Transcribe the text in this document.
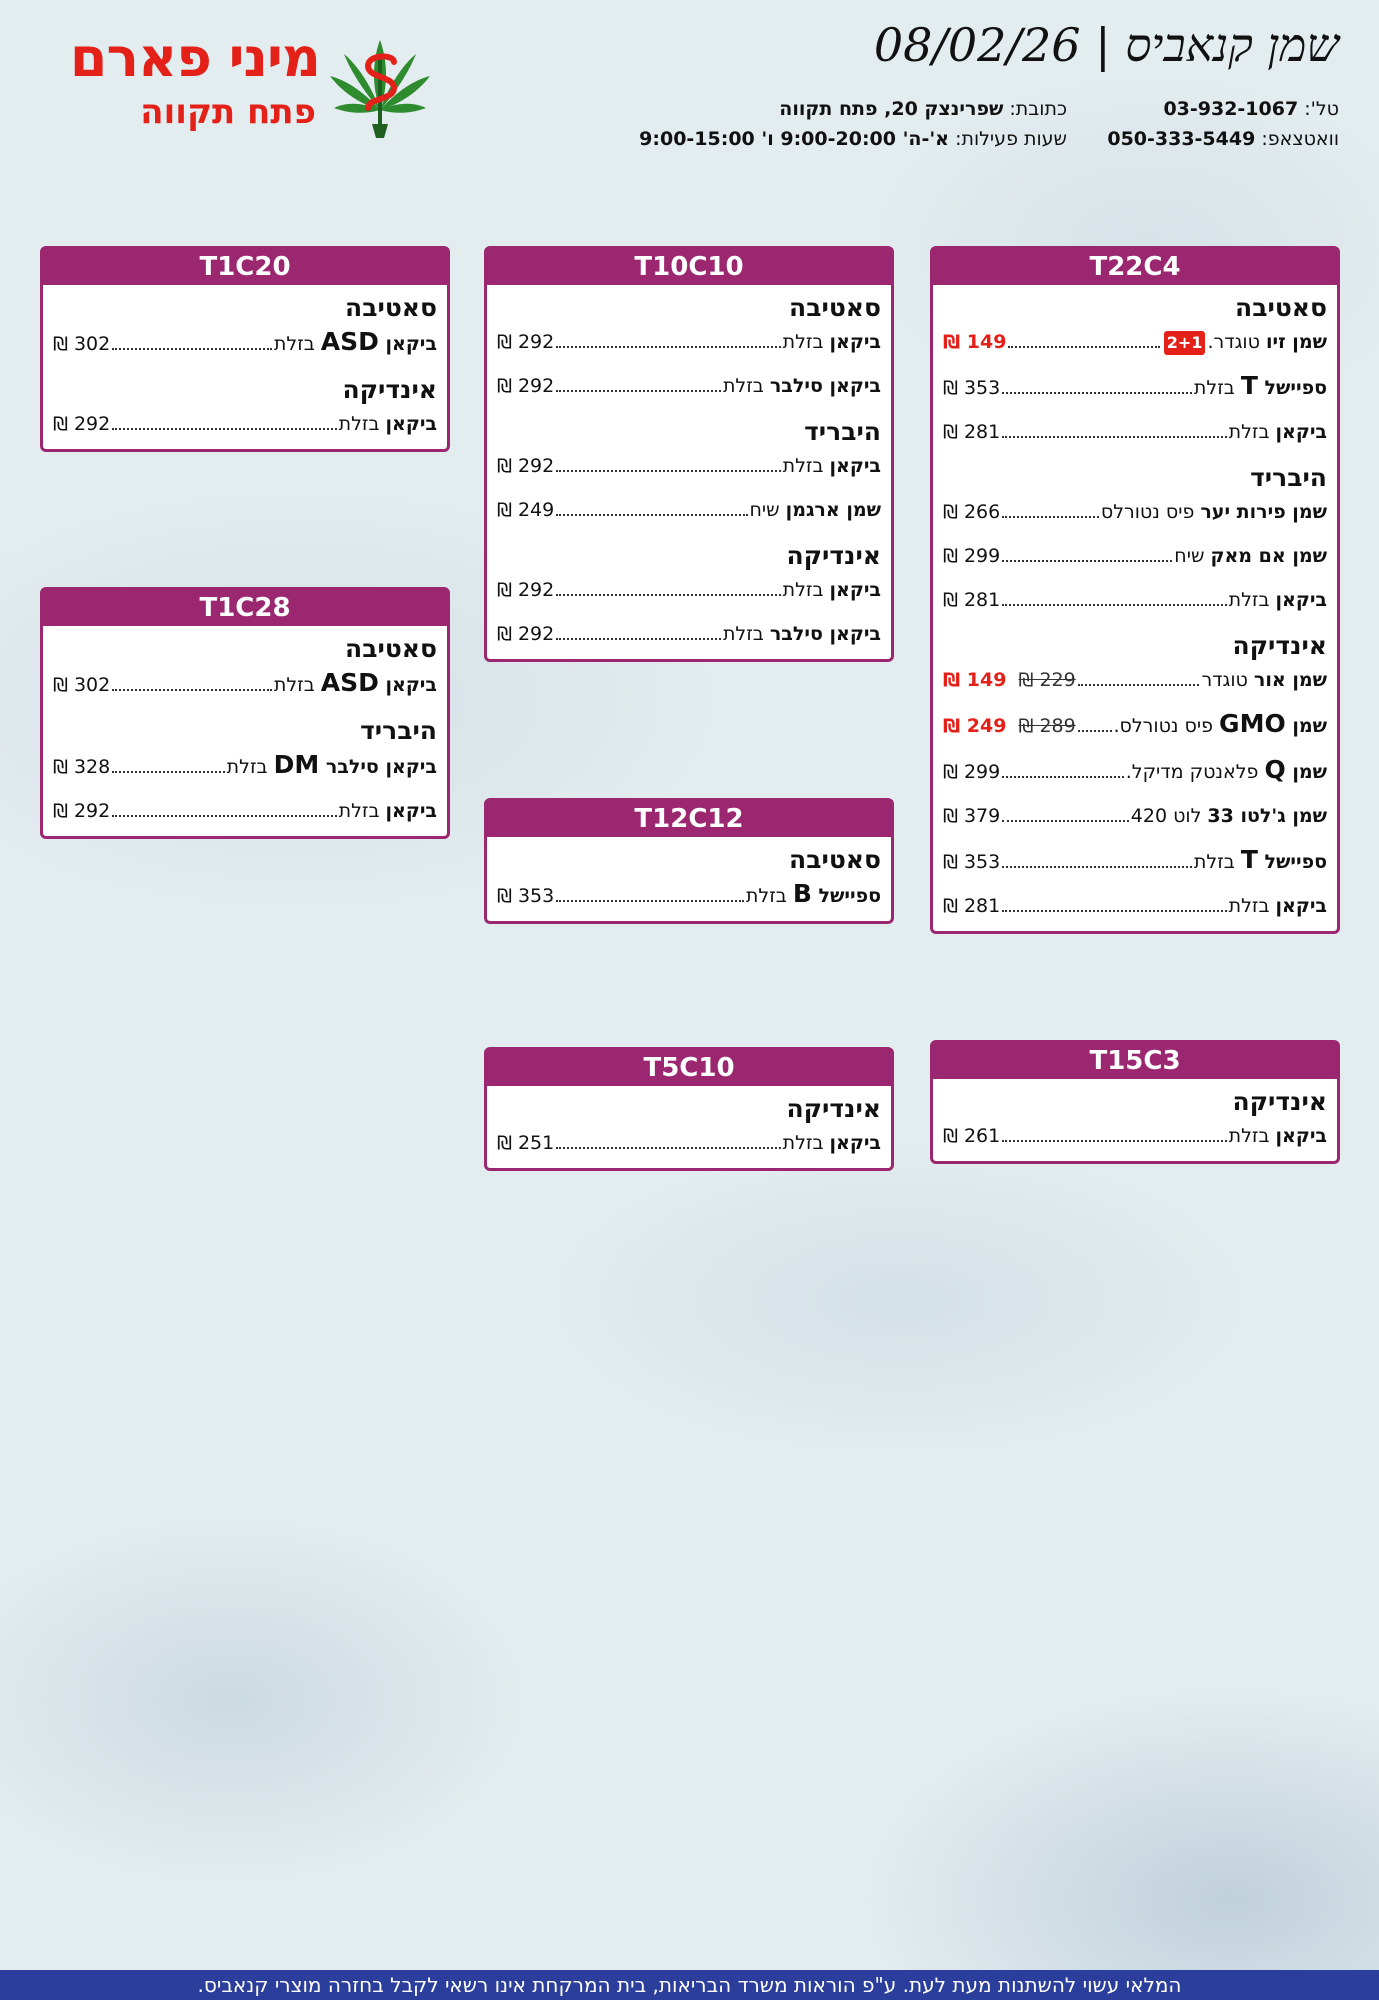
מיני פארם
פתח תקווה
שמן קנאביס | 08/02/26
טל': 03-932-1067
וואטצאפ: 050-333-5449
כתובת: שפרינצק 20, פתח תקווה
שעות פעילות: א'-ה' 9:00-20:00 ו' 9:00-15:00
T22C4
סאטיבה
שמן זיו טוגדר.2+1
₪ 149
ספיישל T בזלת
₪ 353
ביקאן בזלת
₪ 281
היבריד
שמן פירות יער פיס נטורלס
₪ 266
שמן אם מאק שיח
₪ 299
ביקאן בזלת
₪ 281
אינדיקה
שמן אור טוגדר
₪ 149 ₪ 229
שמן GMO פיס נטורלס.
₪ 249 ₪ 289
שמן Q פלאנטק מדיקל.
₪ 299
שמן ג'לטו 33 לוט 420
₪ 379
ספיישל T בזלת
₪ 353
ביקאן בזלת
₪ 281
T10C10
סאטיבה
ביקאן בזלת
₪ 292
ביקאן סילבר בזלת
₪ 292
היבריד
ביקאן בזלת
₪ 292
שמן ארגמן שיח
₪ 249
אינדיקה
ביקאן בזלת
₪ 292
ביקאן סילבר בזלת
₪ 292
T1C20
סאטיבה
ביקאן ASD בזלת
₪ 302
אינדיקה
ביקאן בזלת
₪ 292
T1C28
סאטיבה
ביקאן ASD בזלת
₪ 302
היבריד
ביקאן סילבר DM בזלת
₪ 328
ביקאן בזלת
₪ 292	T12C12
סאטיבה
ספיישל B בזלת
₪ 353
T5C10
אינדיקה
ביקאן בזלת
₪ 251
T15C3
אינדיקה
ביקאן בזלת
₪ 261
המלאי עשוי להשתנות מעת לעת. ע"פ הוראות משרד הבריאות, בית המרקחת אינו רשאי לקבל בחזרה מוצרי קנאביס.
